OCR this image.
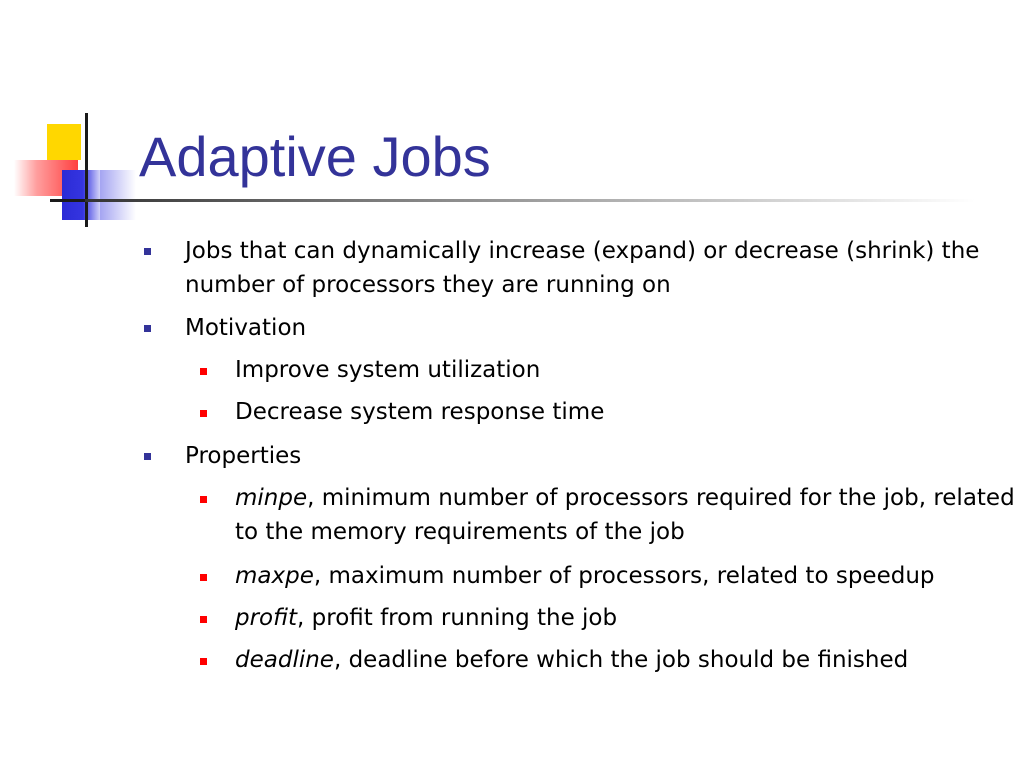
Adaptive Jobs
Jobs that can dynamically increase (expand) or decrease (shrink) the number of processors they are running on
Motivation
Improve system utilization
Decrease system response time
Properties
minpe, minimum number of processors required for the job, related to the memory requirements of the job
maxpe, maximum number of processors, related to speedup
profit, profit from running the job
deadline, deadline before which the job should be finished
